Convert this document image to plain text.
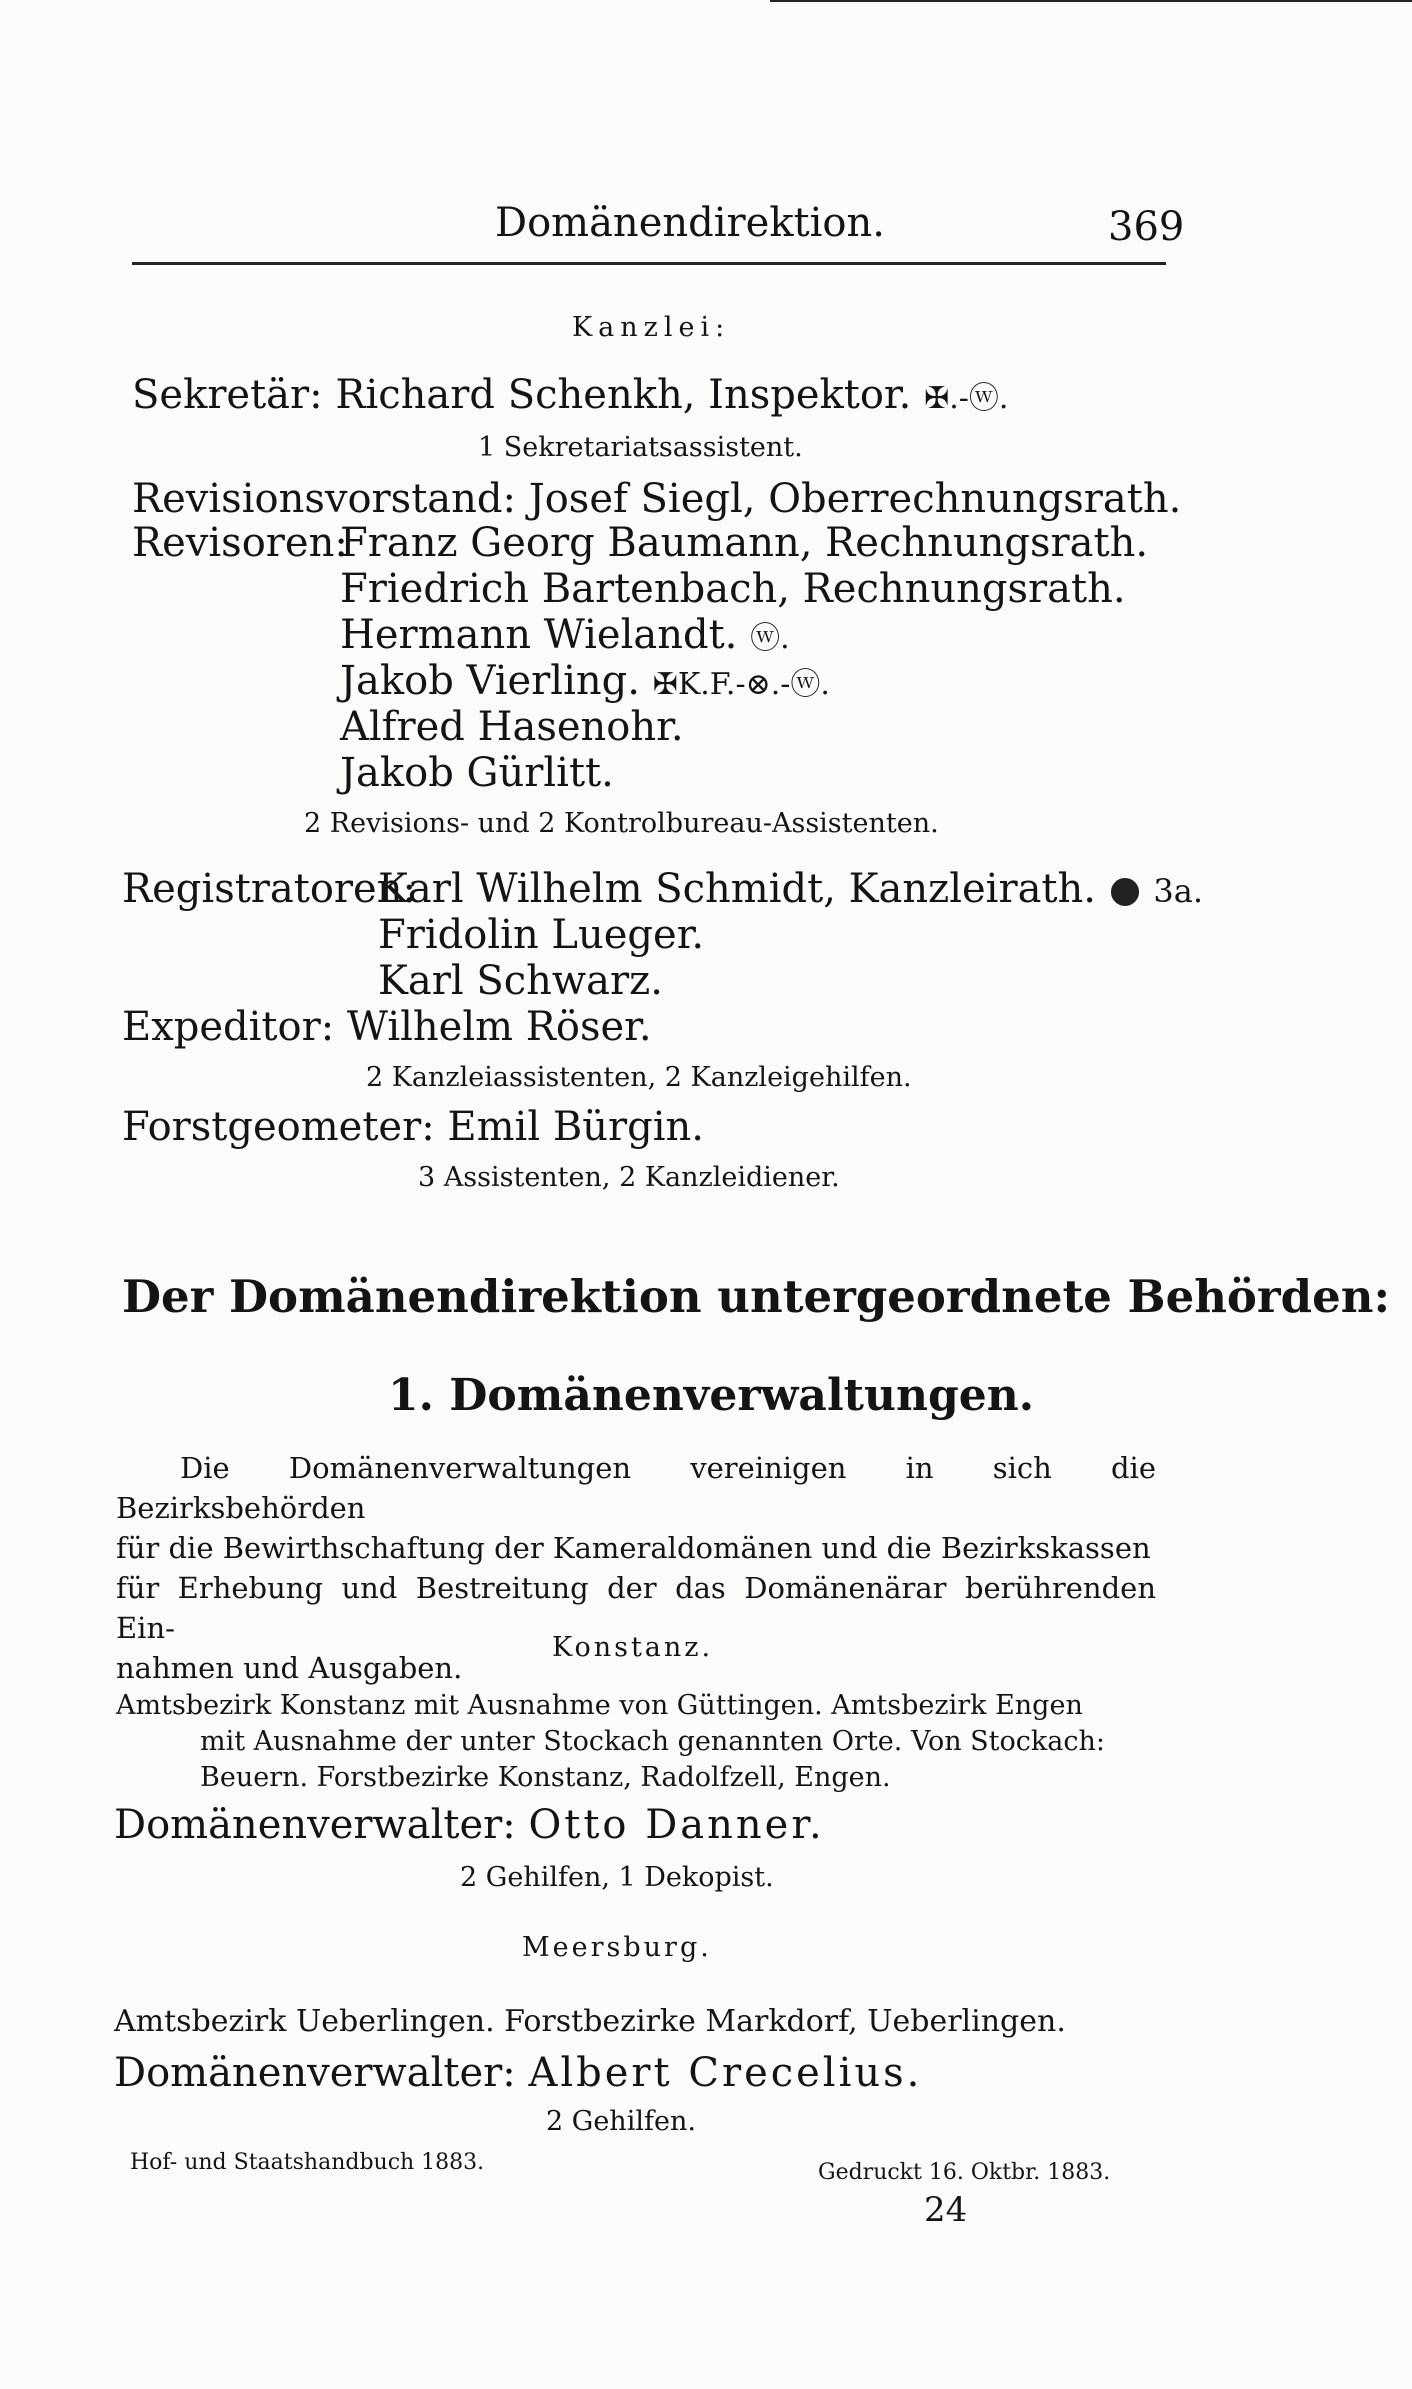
Domänendirektion.	369
Kanzlei:
Sekretär: Richard Schenkh, Inspektor. ✠.-ⓦ.
1 Sekretariatsassistent.
Revisionsvorstand: Josef Siegl, Oberrechnungsrath.
Revisoren:
Franz Georg Baumann, Rechnungsrath.
Friedrich Bartenbach, Rechnungsrath.
Hermann Wielandt. ⓦ.
Jakob Vierling. ✠K.F.-⊗.-ⓦ.
Alfred Hasenohr.
Jakob Gürlitt.
2 Revisions- und 2 Kontrolbureau-Assistenten.
Registratoren:
Karl Wilhelm Schmidt, Kanzleirath. 3a.
Fridolin Lueger.
Karl Schwarz.
Expeditor: Wilhelm Röser.
2 Kanzleiassistenten, 2 Kanzleigehilfen.
Forstgeometer: Emil Bürgin.
3 Assistenten, 2 Kanzleidiener.
Der Domänendirektion untergeordnete Behörden:
1. Domänenverwaltungen.
Die Domänenverwaltungen vereinigen in sich die Bezirksbehörden
für die Bewirthschaftung der Kameraldomänen und die Bezirkskassen
für Erhebung und Bestreitung der das Domänenärar berührenden Ein-
nahmen und Ausgaben.
Konstanz.
Amtsbezirk Konstanz mit Ausnahme von Güttingen. Amtsbezirk Engen
mit Ausnahme der unter Stockach genannten Orte. Von Stockach:
Beuern. Forstbezirke Konstanz, Radolfzell, Engen.
Domänenverwalter: Otto Danner.
2 Gehilfen, 1 Dekopist.
Meersburg.
Amtsbezirk Ueberlingen. Forstbezirke Markdorf, Ueberlingen.
Domänenverwalter: Albert Crecelius.
2 Gehilfen.
Hof- und Staatshandbuch 1883.	Gedruckt 16. Oktbr. 1883.
24
